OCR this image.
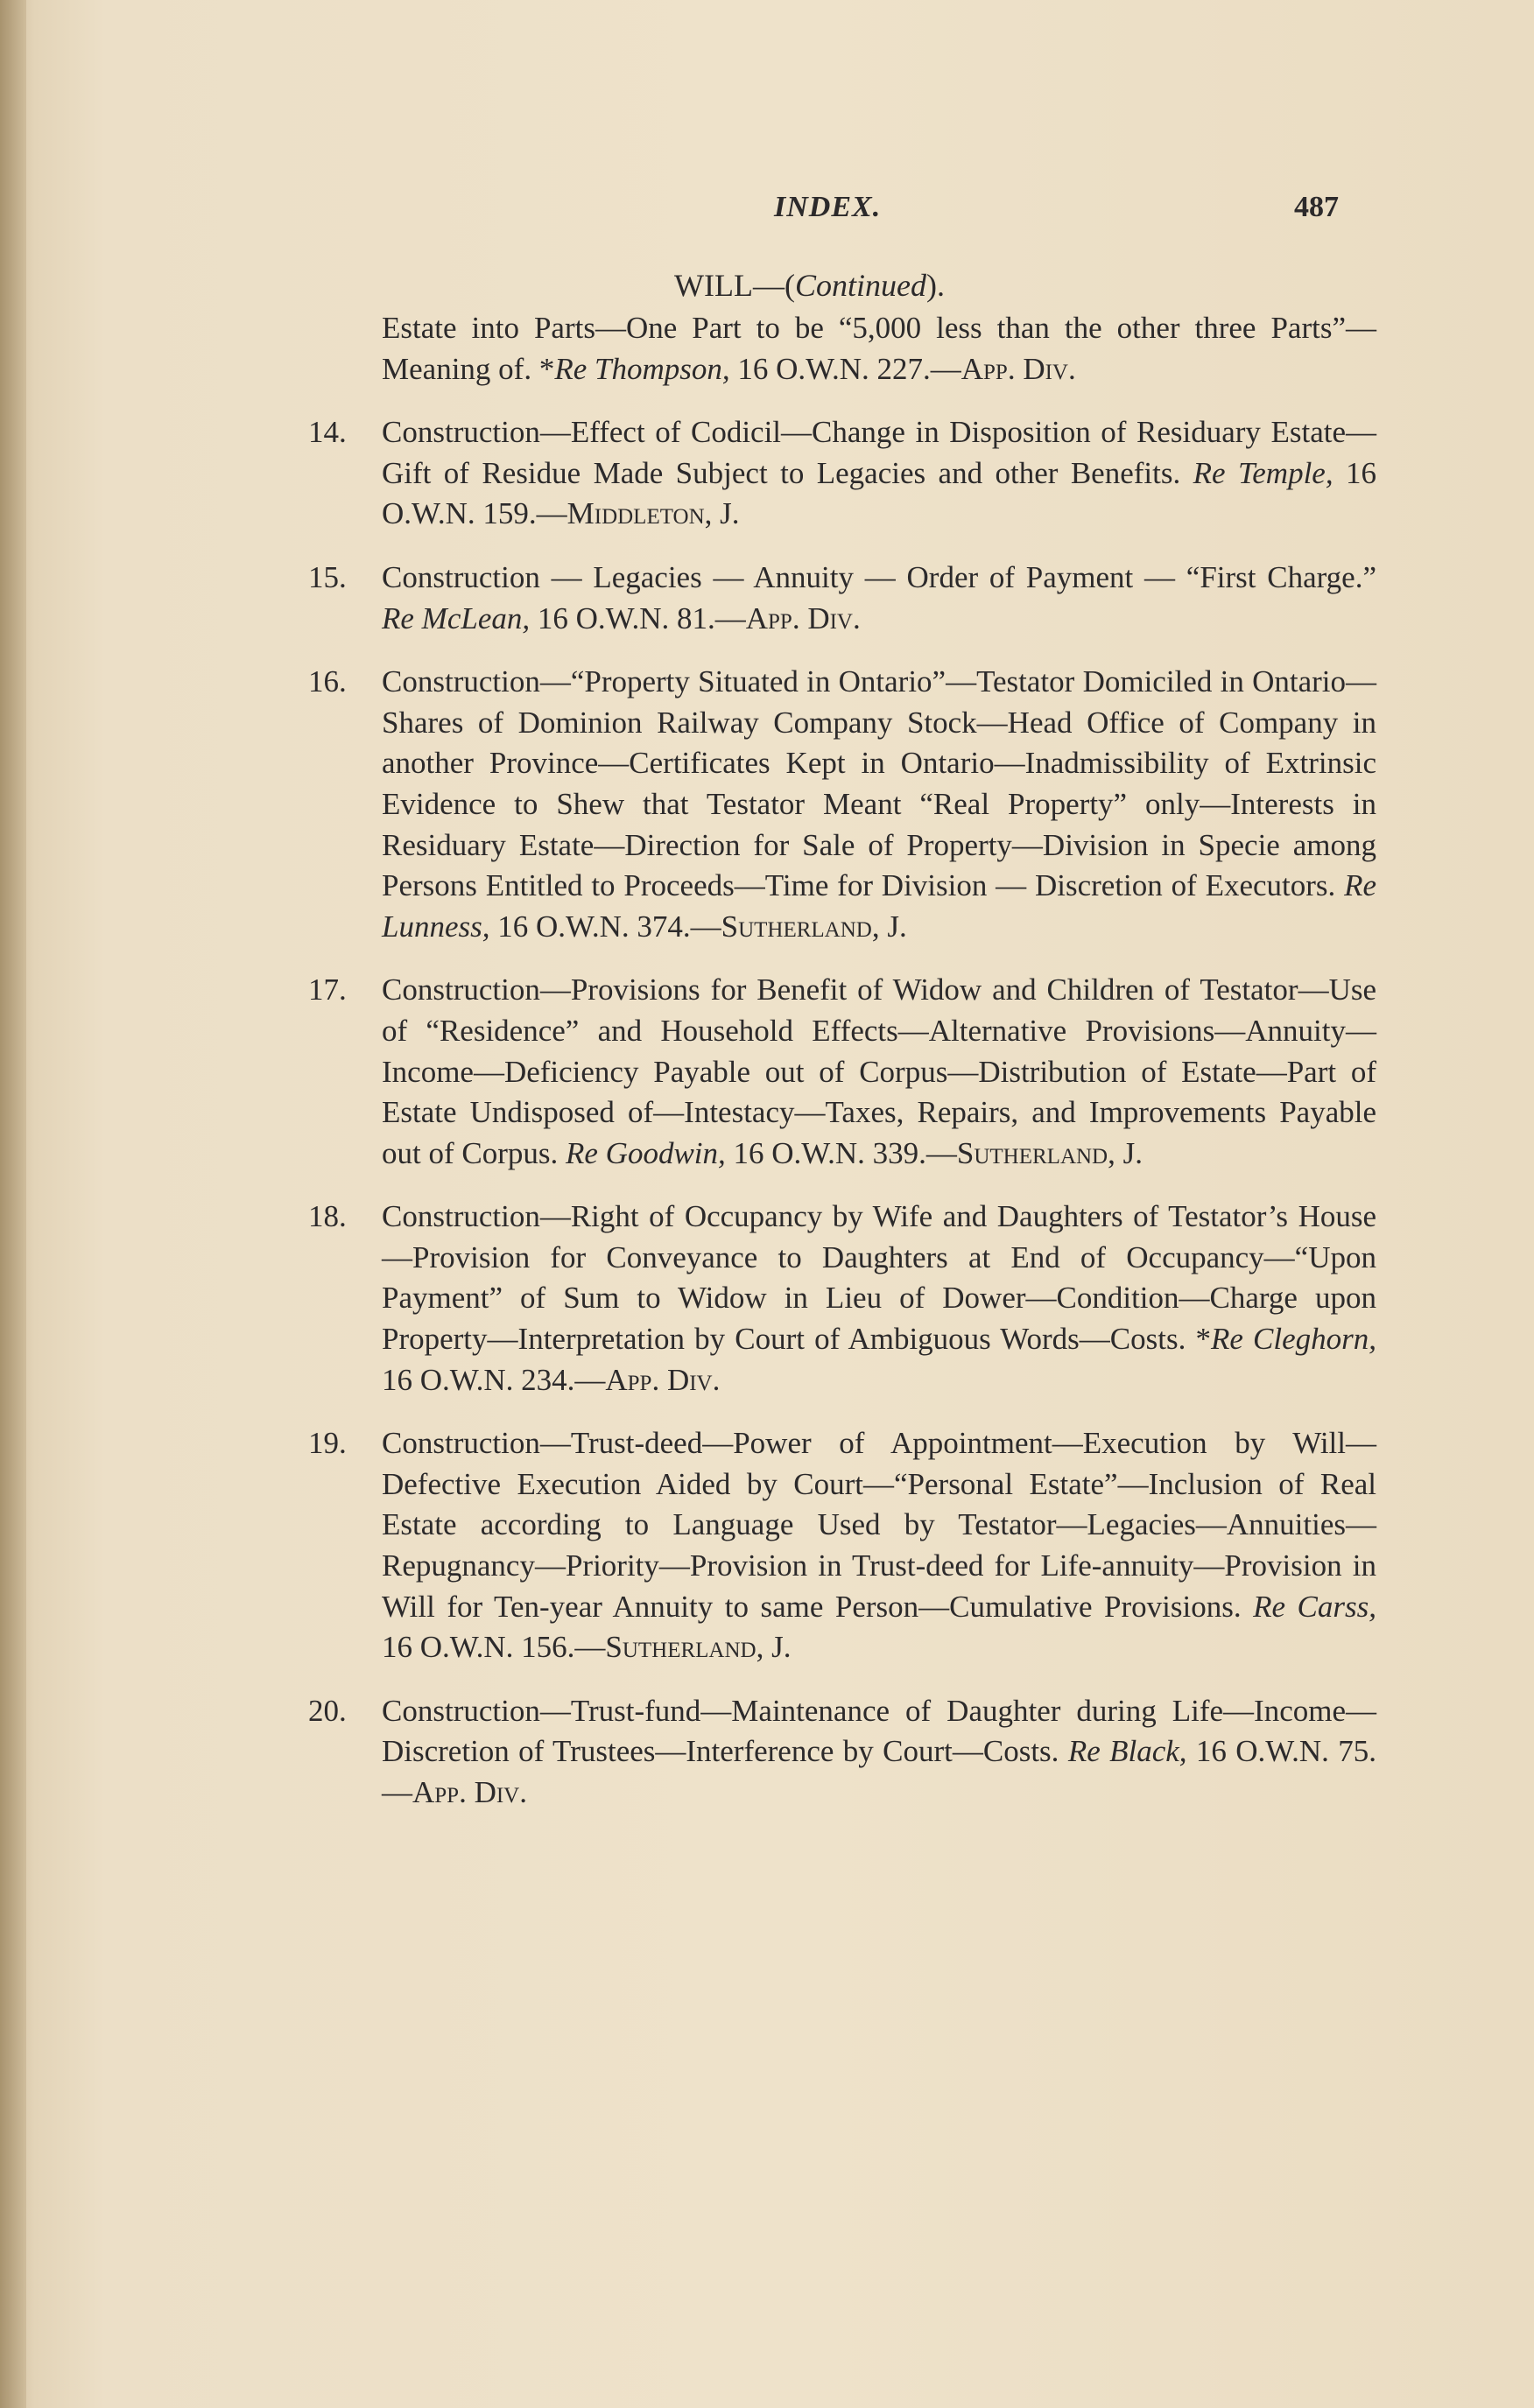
INDEX.	487
WILL—(Continued).
Estate into Parts—One Part to be “5,000 less than the other three Parts”—Meaning of. *Re Thompson, 16 O.W.N. 227.—App. Div.
14. Construction—Effect of Codicil—Change in Disposition of Residuary Estate—Gift of Residue Made Subject to Legacies and other Benefits. Re Temple, 16 O.W.N. 159.—Middleton, J.
15. Construction — Legacies — Annuity — Order of Payment — “First Charge.” Re McLean, 16 O.W.N. 81.—App. Div.
16. Construction—“Property Situated in Ontario”—Testator Domiciled in Ontario—Shares of Dominion Railway Company Stock—Head Office of Company in another Province—Certificates Kept in Ontario—Inadmissibility of Extrinsic Evidence to Shew that Testator Meant “Real Property” only—Interests in Residuary Estate—Direction for Sale of Property—Division in Specie among Persons Entitled to Proceeds—Time for Division — Discretion of Executors. Re Lunness, 16 O.W.N. 374.—Sutherland, J.
17. Construction—Provisions for Benefit of Widow and Children of Testator—Use of “Residence” and Household Effects—Alternative Provisions—Annuity—Income—Deficiency Payable out of Corpus—Distribution of Estate—Part of Estate Undisposed of—Intestacy—Taxes, Repairs, and Improvements Payable out of Corpus. Re Goodwin, 16 O.W.N. 339.—Sutherland, J.
18. Construction—Right of Occupancy by Wife and Daughters of Testator’s House—Provision for Conveyance to Daughters at End of Occupancy—“Upon Payment” of Sum to Widow in Lieu of Dower—Condition—Charge upon Property—Interpretation by Court of Ambiguous Words—Costs. *Re Cleghorn, 16 O.W.N. 234.—App. Div.
19. Construction—Trust-deed—Power of Appointment—Execution by Will—Defective Execution Aided by Court—“Personal Estate”—Inclusion of Real Estate according to Language Used by Testator—Legacies—Annuities—Repugnancy—Priority—Provision in Trust-deed for Life-annuity—Provision in Will for Ten-year Annuity to same Person—Cumulative Provisions. Re Carss, 16 O.W.N. 156.—Sutherland, J.
20. Construction—Trust-fund—Maintenance of Daughter during Life—Income—Discretion of Trustees—Interference by Court—Costs. Re Black, 16 O.W.N. 75.—App. Div.
